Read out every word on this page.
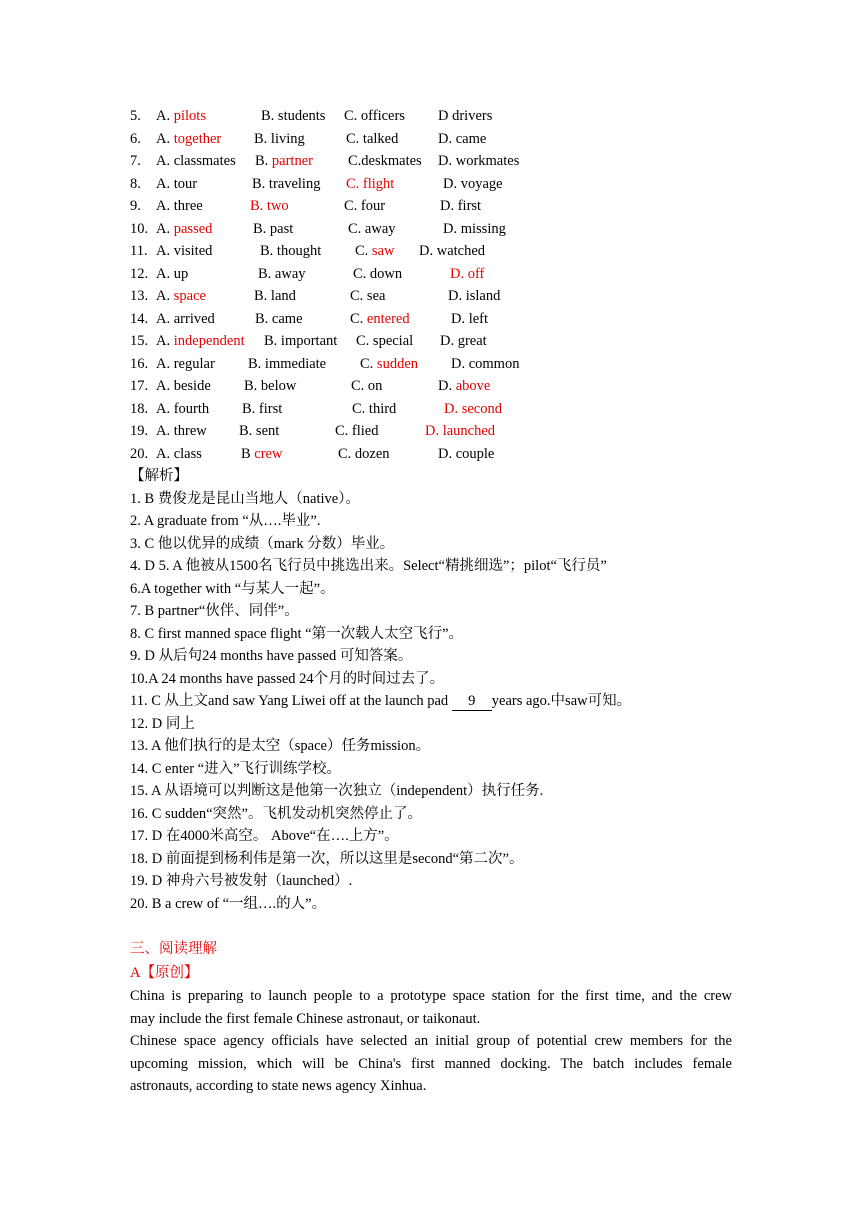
5. A. pilots	B. students C. officers D drivers
6. A. together B. living	C. talked	D. came
7. A. classmates B. partner C.deskmates D. workmates
8. A. tour	B. traveling C. flight	D. voyage
9. A. three	B. two	C. four	D. first
10. A. passed	B. past	C. away	D. missing
11. A. visited	B. thought C. saw D. watched
12. A. up	B. away	C. down	D. off
13. A. space	B. land	C. sea	D. island
14. A. arrived	B. came	C. entered	D. left
15. A. independent B. important C. special D. great
16. A. regular B. immediate C. sudden D. common
17. A. beside B. below	C. on	D. above
18. A. fourth B. first	C. third	D. second
19. A. threw B. sent	C. flied	D. launched
20. A. class	B crew	C. dozen	D. couple
【解析】
1. B 费俊龙是昆山当地人（native）。
2. A graduate from “从….毕业”.
3. C 他以优异的成绩（mark 分数）毕业。
4. D 5. A 他被从1500名飞行员中挑选出来。Select“精挑细选”；pilot“飞行员”
6.A together with “与某人一起”。
7. B partner“伙伴、同伴”。
8. C first manned space flight “第一次载人太空飞行”。
9. D 从后句24 months have passed 可知答案。
10.A 24 months have passed 24个月的时间过去了。
11. C 从上文and saw Yang Liwei off at the launch pad 9 years ago.中saw可知。
12. D 同上
13. A 他们执行的是太空（space）任务mission。
14. C enter “进入”飞行训练学校。
15. A 从语境可以判断这是他第一次独立（independent）执行任务.
16. C sudden“突然”。飞机发动机突然停止了。
17. D 在4000米高空。 Above“在….上方”。
18. D 前面提到杨利伟是第一次，所以这里是second“第二次”。
19. D 神舟六号被发射（launched）.
20. B a crew of “一组….的人”。
三、阅读理解
A【原创】
China is preparing to launch people to a prototype space station for the first time, and the crew
may include the first female Chinese astronaut, or taikonaut.
Chinese space agency officials have selected an initial group of potential crew members for the
upcoming mission, which will be China's first manned docking. The batch includes female
astronauts, according to state news agency Xinhua.
